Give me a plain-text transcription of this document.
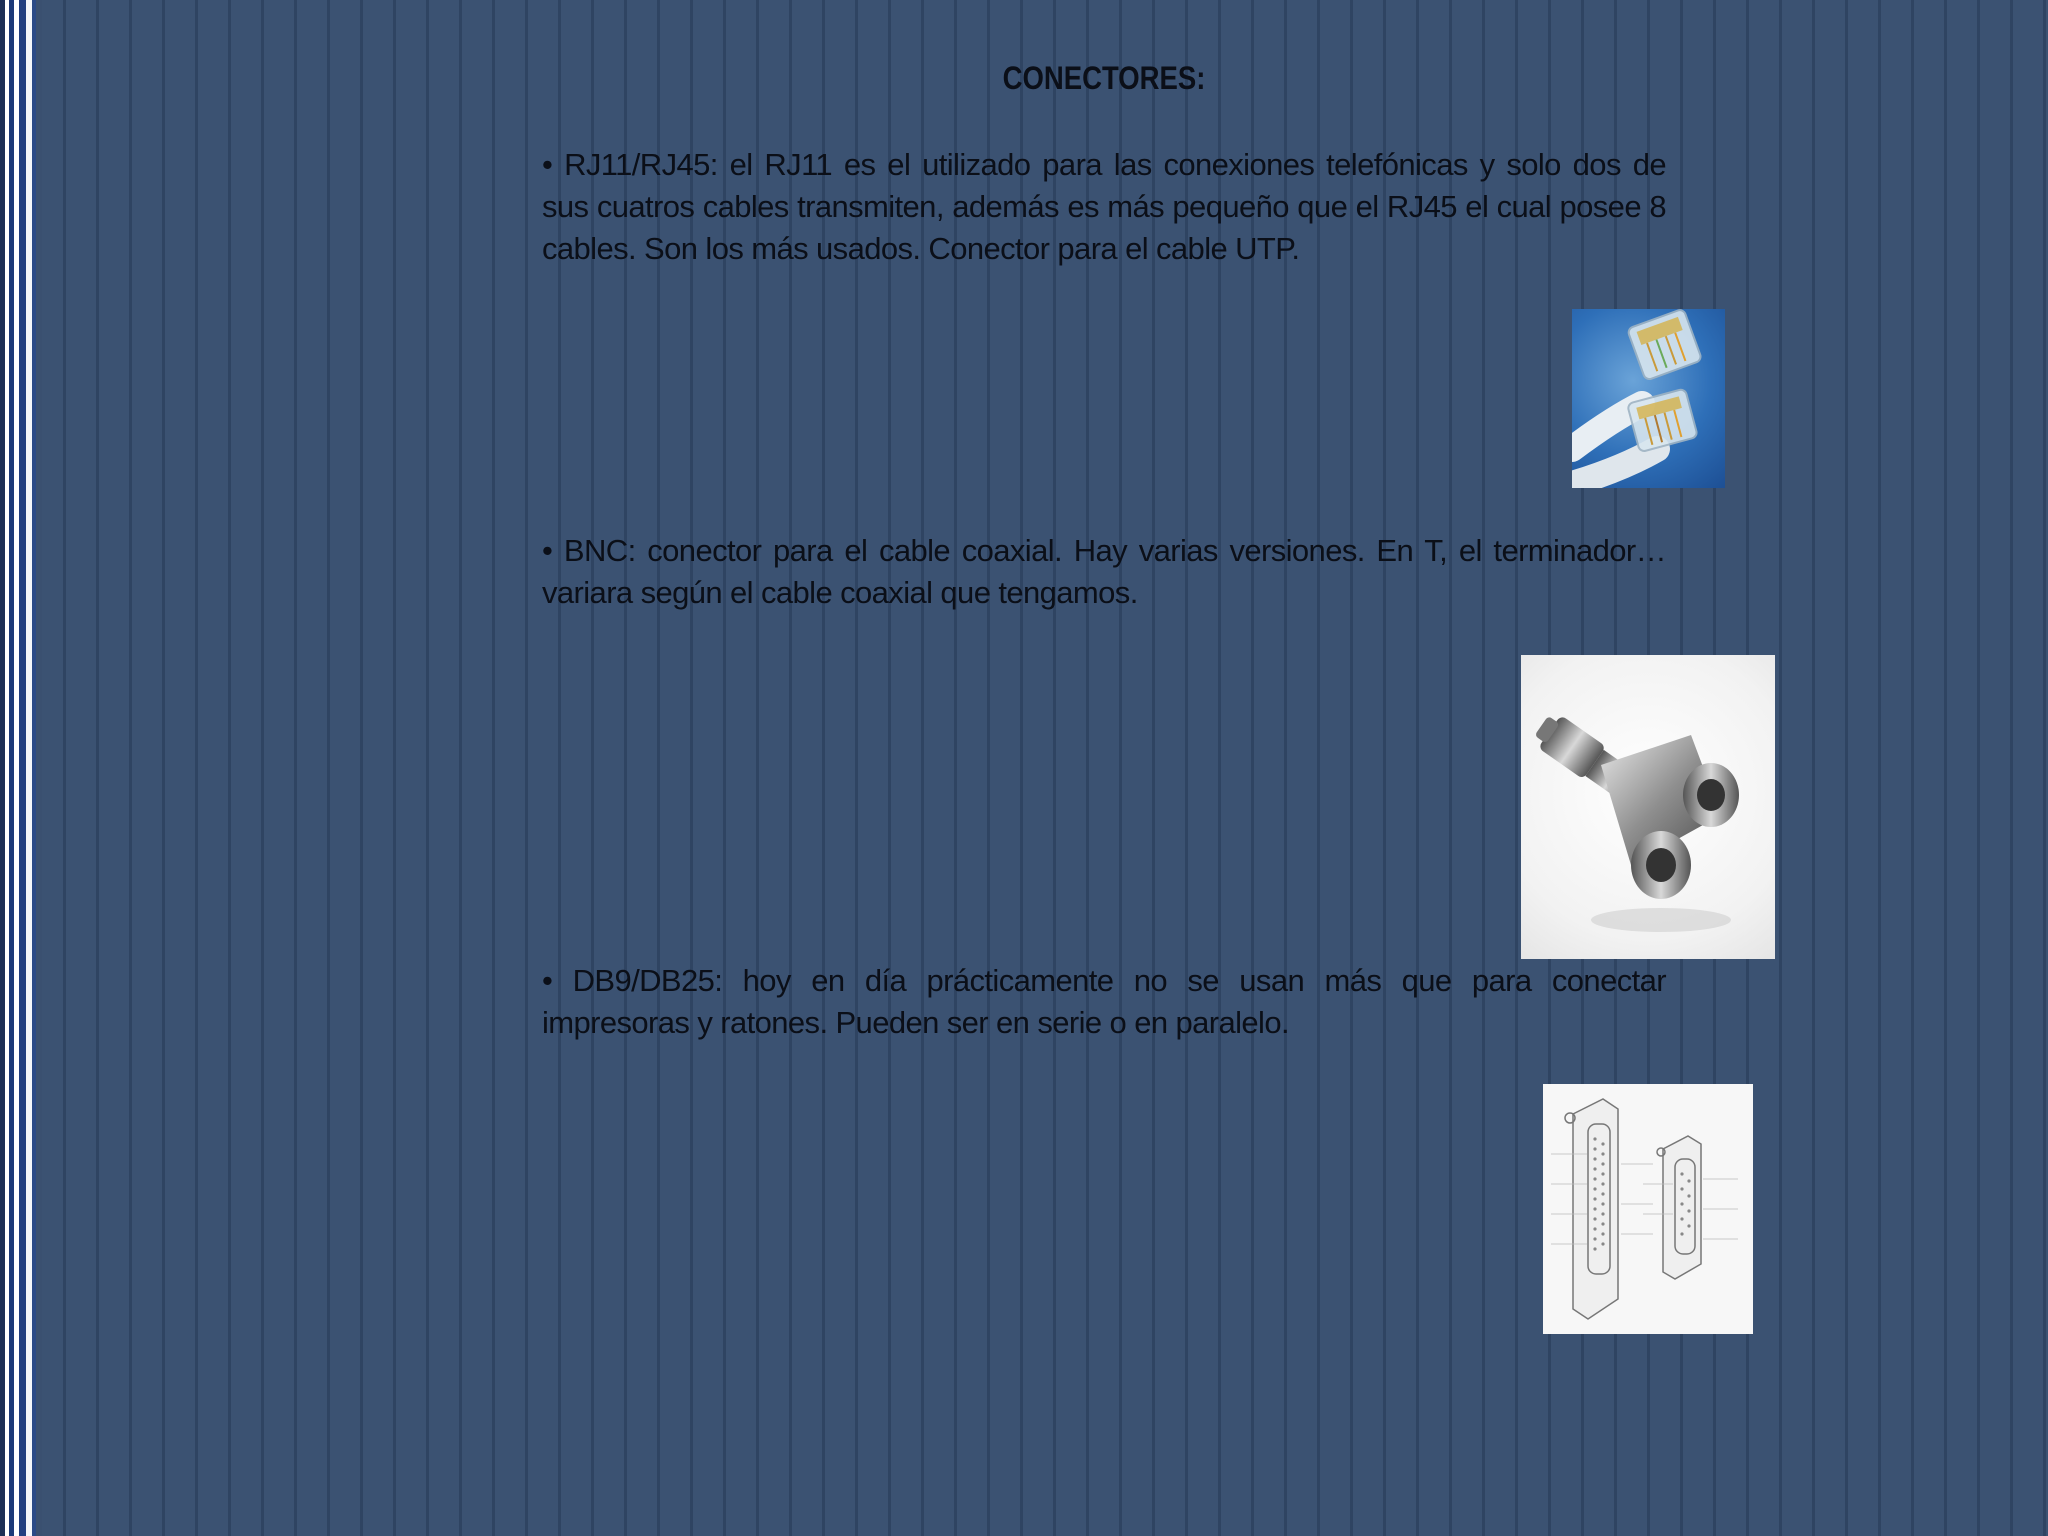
CONECTORES:
• RJ11/RJ45: el RJ11 es el utilizado para las conexiones telefónicas y solo dos de sus cuatros cables transmiten, además es más pequeño que el RJ45 el cual posee 8 cables. Son los más usados. Conector para el cable UTP.
• BNC: conector para el cable coaxial. Hay varias versiones. En T, el terminador… variara según el cable coaxial que tengamos.
• DB9/DB25: hoy en día prácticamente no se usan más que para conectar impresoras y ratones. Pueden ser en serie o en paralelo.
